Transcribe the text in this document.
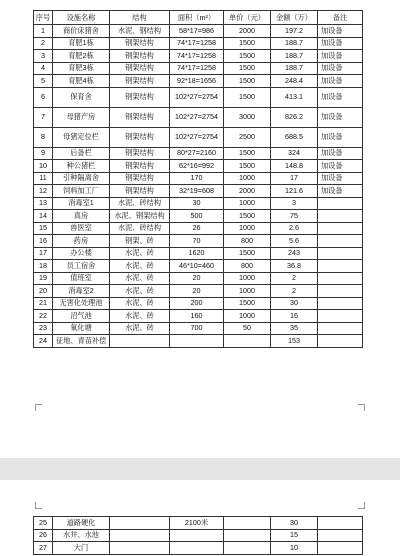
序号	设施名称	结构	面积（m²）	单价（元）	金额（万）	备注
1	商价床猪舍	水泥、钢结构	58*17=986	2000	197.2	加设备
2	育肥1栋	钢架结构	74*17=1258	1500	188.7	加设备
3	育肥2栋	钢架结构	74*17=1258	1500	188.7	加设备
4	育肥3栋	钢架结构	74*17=1258	1500	188.7	加设备
5	育肥4栋	钢架结构	92*18=1656	1500	248.4	加设备
6	保育舍	钢架结构	102*27=2754	1500	413.1	加设备
7	母猪产房	钢架结构	102*27=2754	3000	826.2	加设备
8	母猪定位栏	钢架结构	102*27=2754	2500	688.5	加设备
9	后备栏	钢架结构	80*27=2160	1500	324	加设备
10	种公猪栏	钢架结构	62*16=992	1500	148.8	加设备
11	引种隔离舍	钢架结构	170	1000	17	加设备
12	饲料加工厂	钢架结构	32*19=608	2000	121.6	加设备
13	消毒室1	水泥、砖结构	30	1000	3	
14	真房	水泥、钢架结构	500	1500	75	
15	兽医室	水泥、砖结构	26	1000	2.6	
16	药房	钢架、砖	70	800	5.6	
17	办公楼	水泥、砖	1620	1500	243	
18	员工宿舍	水泥、砖	46*10=460	800	36.8	
19	值班室	水泥、砖	20	1000	2	
20	消毒室2	水泥、砖	20	1000	2	
21	无害化处理池	水泥、砖	200	1500	30	
22	沼气池	水泥、砖	160	1000	16	
23	氧化塘	水泥、砖	700	50	35	
24	征地、青苗补偿				153	
25	道路硬化		2100米		30	
26	水井、水池				15	
27	大门				10	
